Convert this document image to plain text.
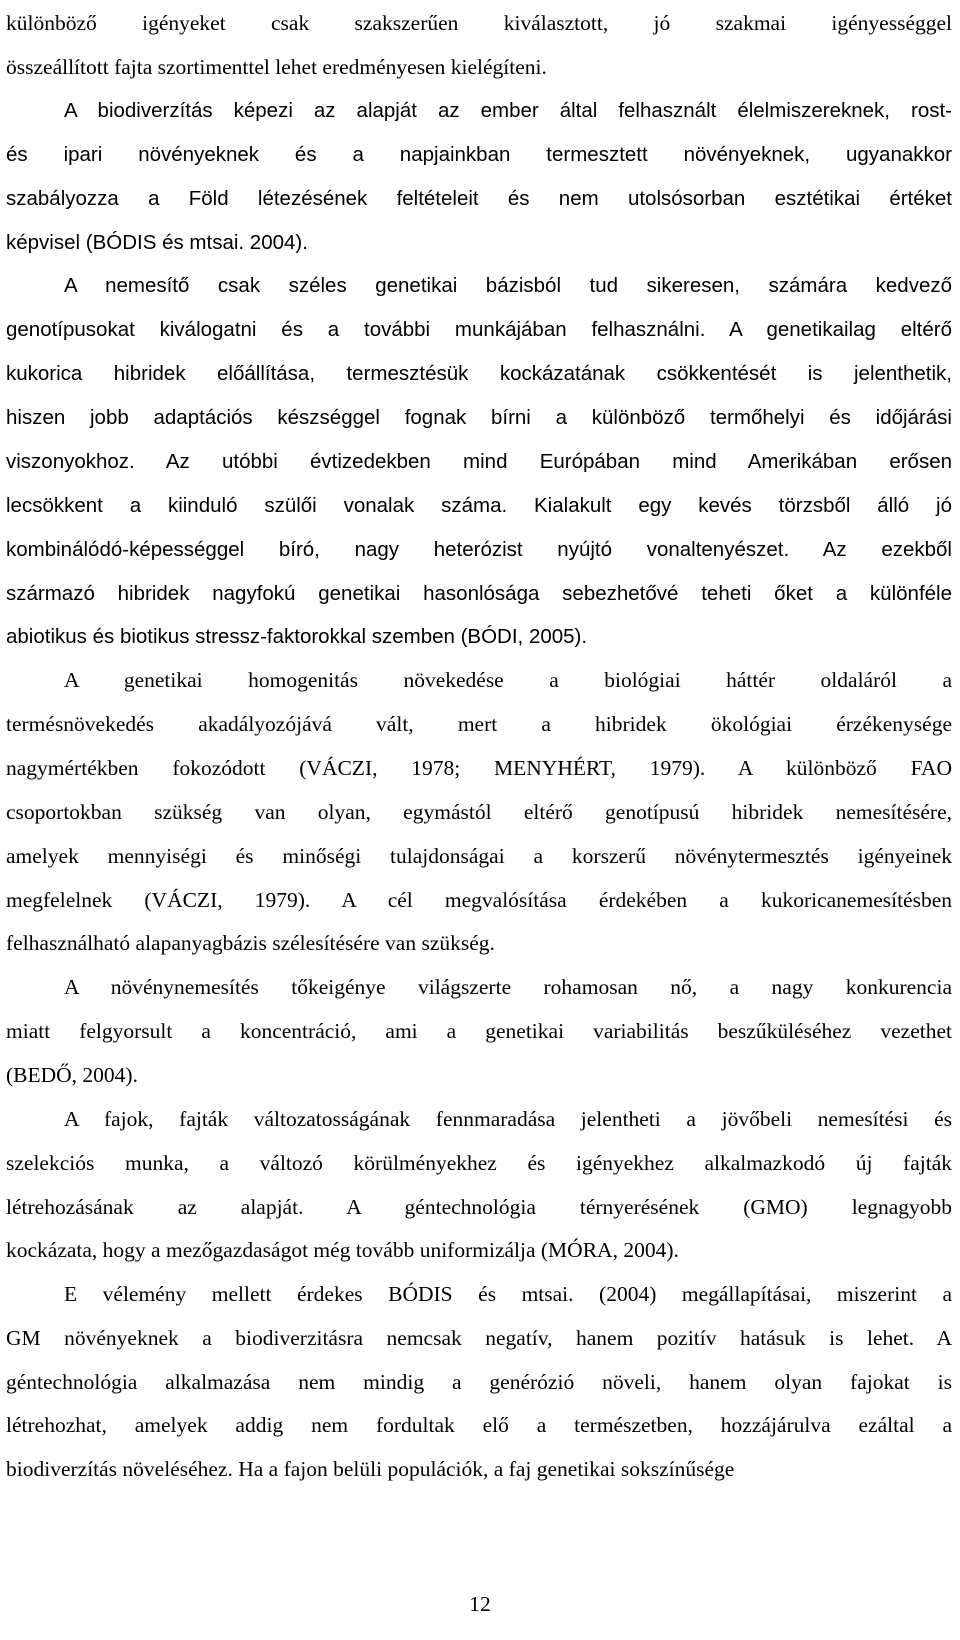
különböző igényeket csak szakszerűen kiválasztott, jó szakmai igényességgel
összeállított fajta szortimenttel lehet eredményesen kielégíteni.
A biodiverzítás képezi az alapját az ember által felhasznált élelmiszereknek, rost-
és ipari növényeknek és a napjainkban termesztett növényeknek, ugyanakkor
szabályozza a Föld létezésének feltételeit és nem utolsósorban esztétikai értéket
képvisel (BÓDIS és mtsai. 2004).
A nemesítő csak széles genetikai bázisból tud sikeresen, számára kedvező
genotípusokat kiválogatni és a további munkájában felhasználni. A genetikailag eltérő
kukorica hibridek előállítása, termesztésük kockázatának csökkentését is jelenthetik,
hiszen jobb adaptációs készséggel fognak bírni a különböző termőhelyi és időjárási
viszonyokhoz. Az utóbbi évtizedekben mind Európában mind Amerikában erősen
lecsökkent a kiinduló szülői vonalak száma. Kialakult egy kevés törzsből álló jó
kombinálódó-képességgel bíró, nagy heterózist nyújtó vonaltenyészet. Az ezekből
származó hibridek nagyfokú genetikai hasonlósága sebezhetővé teheti őket a különféle
abiotikus és biotikus stressz-faktorokkal szemben (BÓDI, 2005).
A genetikai homogenitás növekedése a biológiai háttér oldaláról a
termésnövekedés akadályozójává vált, mert a hibridek ökológiai érzékenysége
nagymértékben fokozódott (VÁCZI, 1978; MENYHÉRT, 1979). A különböző FAO
csoportokban szükség van olyan, egymástól eltérő genotípusú hibridek nemesítésére,
amelyek mennyiségi és minőségi tulajdonságai a korszerű növénytermesztés igényeinek
megfelelnek (VÁCZI, 1979). A cél megvalósítása érdekében a kukoricanemesítésben
felhasználható alapanyagbázis szélesítésére van szükség.
A növénynemesítés tőkeigénye világszerte rohamosan nő, a nagy konkurencia
miatt felgyorsult a koncentráció, ami a genetikai variabilitás beszűküléséhez vezethet
(BEDŐ, 2004).
A fajok, fajták változatosságának fennmaradása jelentheti a jövőbeli nemesítési és
szelekciós munka, a változó körülményekhez és igényekhez alkalmazkodó új fajták
létrehozásának az alapját. A géntechnológia térnyerésének (GMO) legnagyobb
kockázata, hogy a mezőgazdaságot még tovább uniformizálja (MÓRA, 2004).
E vélemény mellett érdekes BÓDIS és mtsai. (2004) megállapításai, miszerint a
GM növényeknek a biodiverzitásra nemcsak negatív, hanem pozitív hatásuk is lehet. A
géntechnológia alkalmazása nem mindig a genérózió növeli, hanem olyan fajokat is
létrehozhat, amelyek addig nem fordultak elő a természetben, hozzájárulva ezáltal a
biodiverzítás növeléséhez. Ha a fajon belüli populációk, a faj genetikai sokszínűsége
12
